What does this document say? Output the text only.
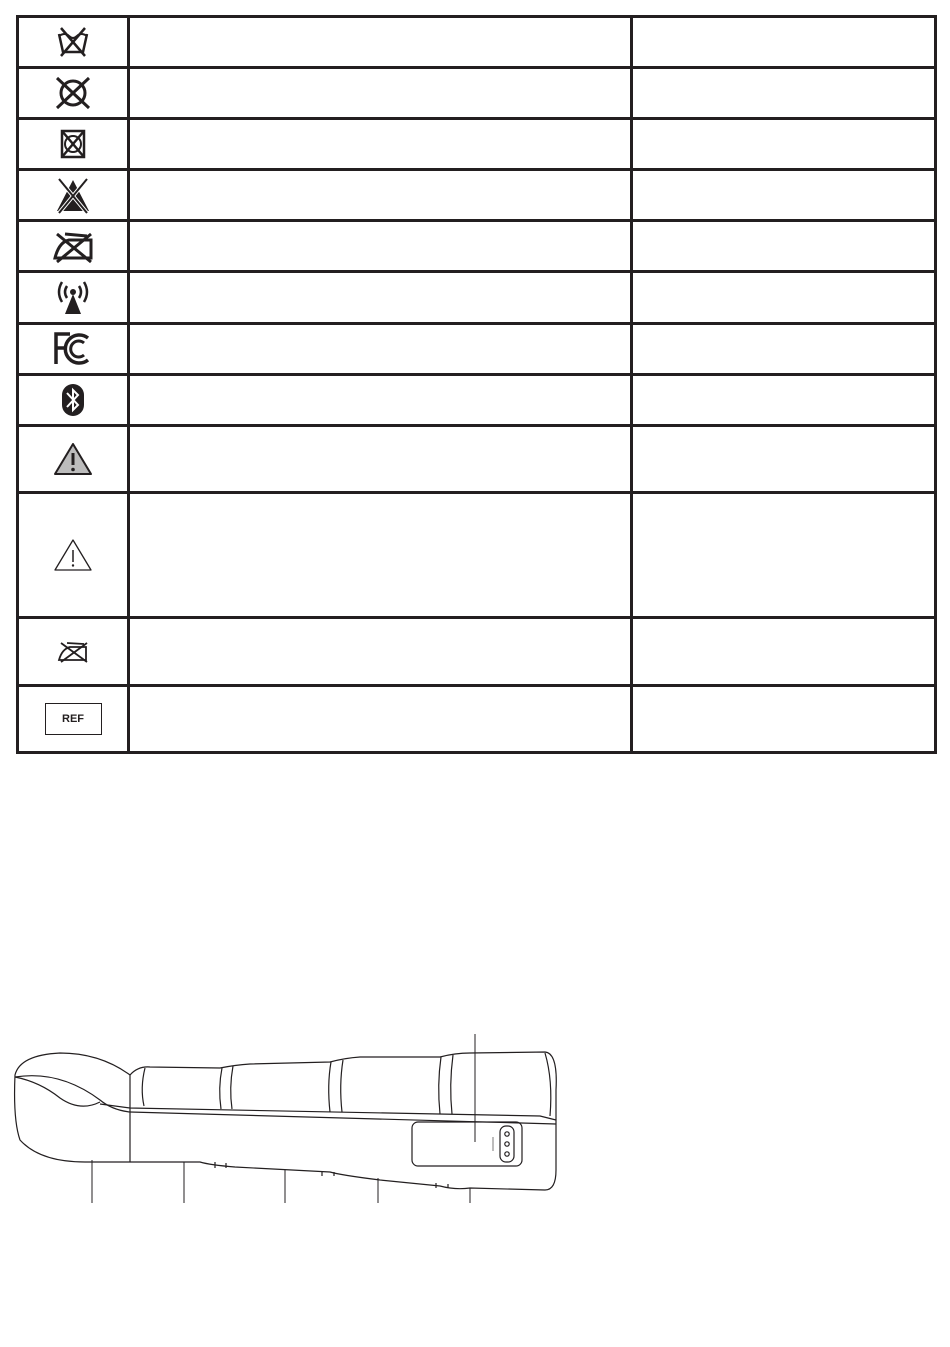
REF		
